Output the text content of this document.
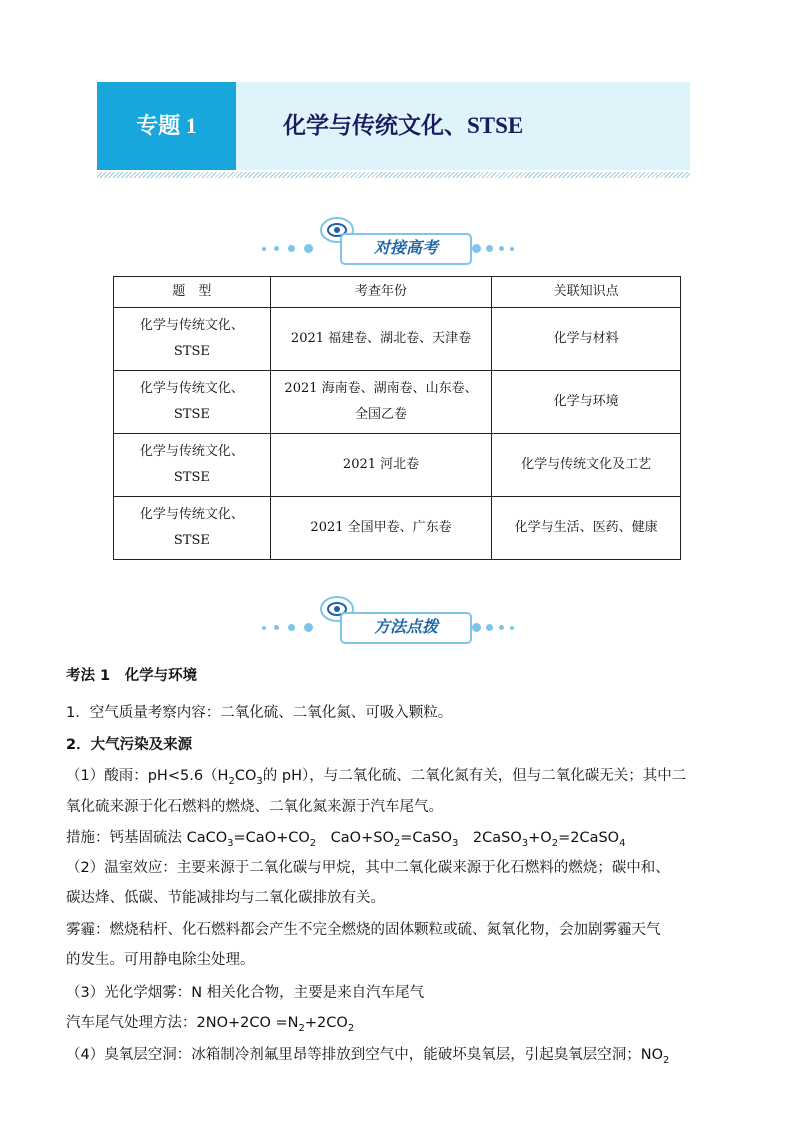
专题 1	化学与传统文化、STSE
对接高考
题　型	考查年份	关联知识点
化学与传统文化、STSE	2021 福建卷、湖北卷、天津卷	化学与材料
化学与传统文化、STSE	2021 海南卷、湖南卷、山东卷、全国乙卷	化学与环境
化学与传统文化、STSE	2021 河北卷	化学与传统文化及工艺
化学与传统文化、STSE	2021 全国甲卷、广东卷	化学与生活、医药、健康
方法点拨
考法 1　化学与环境
1．空气质量考察内容：二氧化硫、二氧化氮、可吸入颗粒。
2．大气污染及来源
（1）酸雨：$pH<5.6(H_2CO_3$的 pH），与二氧化硫、二氧化氮有关，但与二氧化碳无关；其中二
氧化硫来源于化石燃料的燃烧、二氧化氮来源于汽车尾气。
措施：钙基固硫法 $CaCO_3=CaO+CO_2$　$CaO+SO_2=CaSO_3$　$2CaSO_3+O_2=2CaSO_4$
（2）温室效应：主要来源于二氧化碳与甲烷，其中二氧化碳来源于化石燃料的燃烧；碳中和、
碳达烽、低碳、节能减排均与二氧化碳排放有关。
雾霾：燃烧秸杆、化石燃料都会产生不完全燃烧的固体颗粒或硫、氮氧化物，会加剧雾霾天气
的发生。可用静电除尘处理。
（3）光化学烟雾：N 相关化合物，主要是来自汽车尾气
汽车尾气处理方法：$2NO+2CO =N_2+2CO_2$
（4）臭氧层空洞：冰箱制冷剂氟里昂等排放到空气中，能破坏臭氧层，引起臭氧层空洞；$NO_2$
